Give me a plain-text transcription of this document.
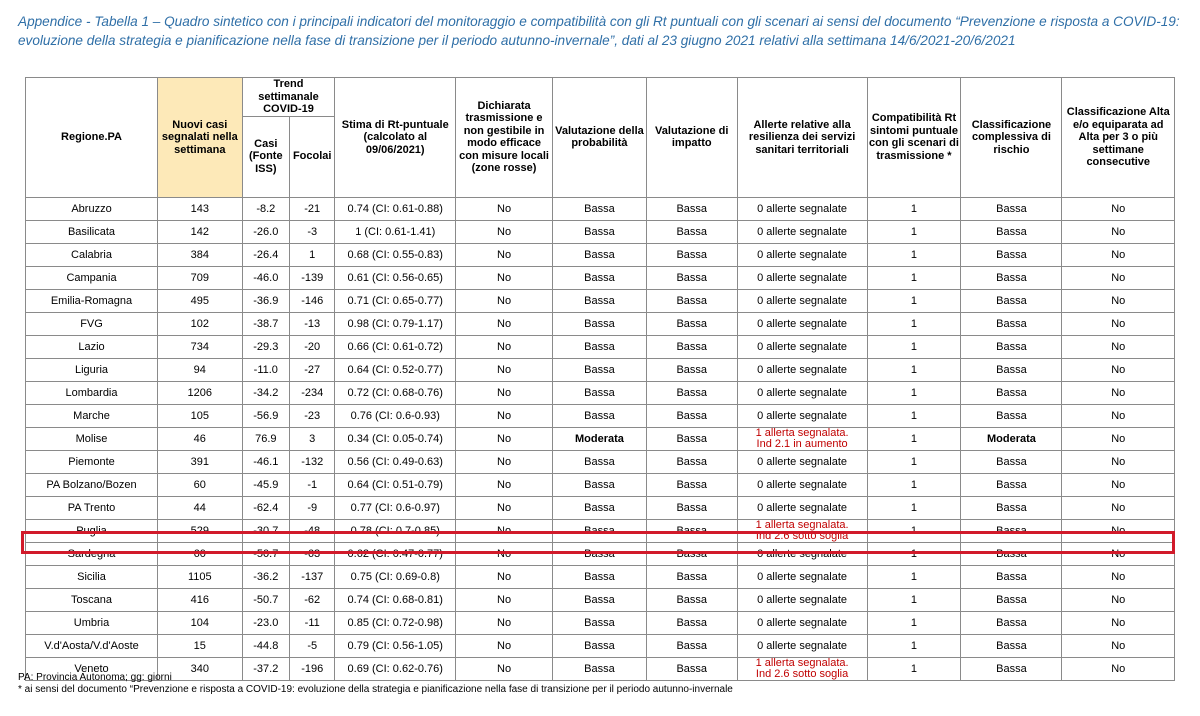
Appendice - Tabella 1 – Quadro sintetico con i principali indicatori del monitoraggio e compatibilità con gli Rt puntuali con gli scenari ai sensi del documento “Prevenzione e risposta a COVID-19: evoluzione della strategia e pianificazione nella fase di transizione per il periodo autunno-invernale”, dati al 23 giugno 2021 relativi alla settimana 14/6/2021-20/6/2021
Regione.PA	Nuovi casi segnalati nella settimana	Trend settimanale COVID-19		Stima di Rt-puntuale (calcolato al 09/06/2021)	Dichiarata trasmissione e non gestibile in modo efficace con misure locali (zone rosse)	Valutazione della probabilità	Valutazione di impatto	Allerte relative alla resilienza dei servizi sanitari territoriali	Compatibilità Rt sintomi puntuale con gli scenari di trasmissione *	Classificazione complessiva di rischio	Classificazione Alta e/o equiparata ad Alta per 3 o più settimane consecutive
		Casi (Fonte ISS)	Focolai								
Abruzzo	143	-8.2	-21	0.74 (CI: 0.61-0.88)	No	Bassa	Bassa	0 allerte segnalate	1	Bassa	No
Basilicata	142	-26.0	-3	1 (CI: 0.61-1.41)	No	Bassa	Bassa	0 allerte segnalate	1	Bassa	No
Calabria	384	-26.4	1	0.68 (CI: 0.55-0.83)	No	Bassa	Bassa	0 allerte segnalate	1	Bassa	No
Campania	709	-46.0	-139	0.61 (CI: 0.56-0.65)	No	Bassa	Bassa	0 allerte segnalate	1	Bassa	No
Emilia-Romagna	495	-36.9	-146	0.71 (CI: 0.65-0.77)	No	Bassa	Bassa	0 allerte segnalate	1	Bassa	No
FVG	102	-38.7	-13	0.98 (CI: 0.79-1.17)	No	Bassa	Bassa	0 allerte segnalate	1	Bassa	No
Lazio	734	-29.3	-20	0.66 (CI: 0.61-0.72)	No	Bassa	Bassa	0 allerte segnalate	1	Bassa	No
Liguria	94	-11.0	-27	0.64 (CI: 0.52-0.77)	No	Bassa	Bassa	0 allerte segnalate	1	Bassa	No
Lombardia	1206	-34.2	-234	0.72 (CI: 0.68-0.76)	No	Bassa	Bassa	0 allerte segnalate	1	Bassa	No
Marche	105	-56.9	-23	0.76 (CI: 0.6-0.93)	No	Bassa	Bassa	0 allerte segnalate	1	Bassa	No
Molise	46	76.9	3	0.34 (CI: 0.05-0.74)	No	Moderata	Bassa	1 allerta segnalata.
Ind 2.1 in aumento	1	Moderata	No
Piemonte	391	-46.1	-132	0.56 (CI: 0.49-0.63)	No	Bassa	Bassa	0 allerte segnalate	1	Bassa	No
PA Bolzano/Bozen	60	-45.9	-1	0.64 (CI: 0.51-0.79)	No	Bassa	Bassa	0 allerte segnalate	1	Bassa	No
PA Trento	44	-62.4	-9	0.77 (CI: 0.6-0.97)	No	Bassa	Bassa	0 allerte segnalate	1	Bassa	No
Puglia	529	-30.7	-48	0.78 (CI: 0.7-0.85)	No	Bassa	Bassa	1 allerta segnalata.
Ind 2.6 sotto soglia	1	Bassa	No
Sardegna	60	-50.7	-63	0.62 (CI: 0.47-0.77)	No	Bassa	Bassa	0 allerte segnalate	1	Bassa	No
Sicilia	1105	-36.2	-137	0.75 (CI: 0.69-0.8)	No	Bassa	Bassa	0 allerte segnalate	1	Bassa	No
Toscana	416	-50.7	-62	0.74 (CI: 0.68-0.81)	No	Bassa	Bassa	0 allerte segnalate	1	Bassa	No
Umbria	104	-23.0	-11	0.85 (CI: 0.72-0.98)	No	Bassa	Bassa	0 allerte segnalate	1	Bassa	No
V.d'Aosta/V.d'Aoste	15	-44.8	-5	0.79 (CI: 0.56-1.05)	No	Bassa	Bassa	0 allerte segnalate	1	Bassa	No
Veneto	340	-37.2	-196	0.69 (CI: 0.62-0.76)	No	Bassa	Bassa	1 allerta segnalata.
Ind 2.6 sotto soglia	1	Bassa	No
PA: Provincia Autonoma; gg: giorni
* ai sensi del documento “Prevenzione e risposta a COVID-19: evoluzione della strategia e pianificazione nella fase di transizione per il periodo autunno-invernale
